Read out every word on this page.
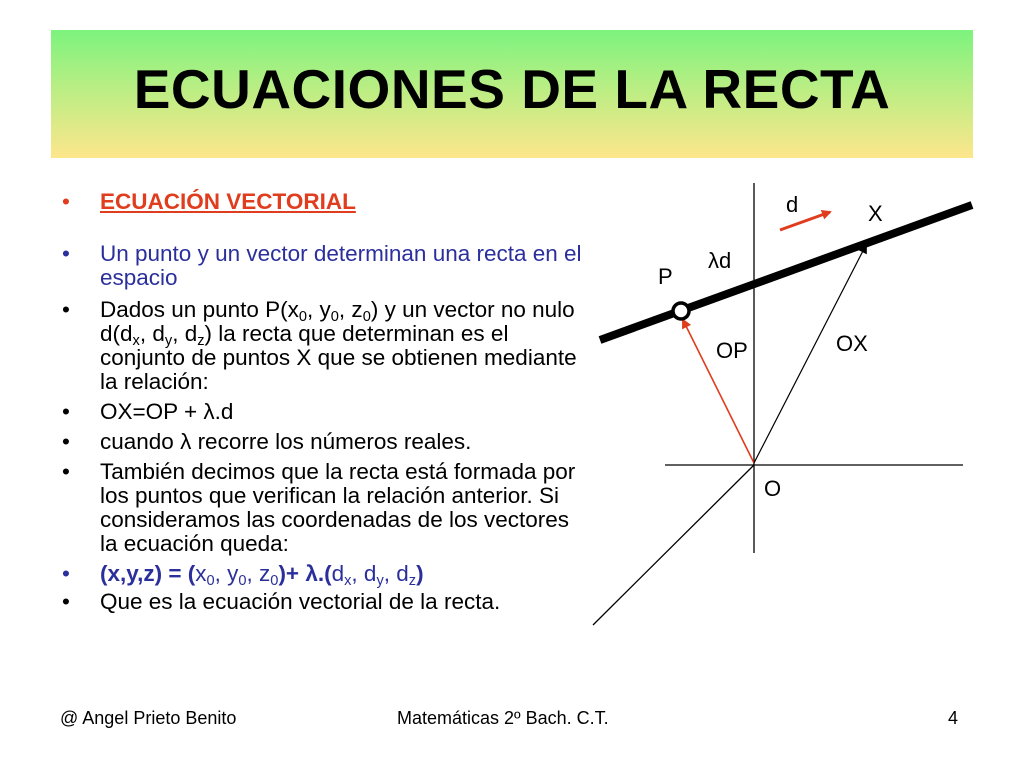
ECUACIONES DE LA RECTA
• ECUACIÓN VECTORIAL
• Un punto y un vector determinan una recta en el espacio
• Dados un punto $P(x_0$, $y_0$, $z_0$) y un vector no nulo $d(d_x$, $d_y$, $d_z$) la recta que determinan es el conjunto de puntos X que se obtienen mediante la relación:
• OX=OP + λ.d
• cuando λ recorre los números reales.
• También decimos que la recta está formada por los puntos que verifican la relación anterior. Si consideramos las coordenadas de los vectores la ecuación queda:
• $(x,y,z) = (x_0$, $y_0$, $z_0)+ \lambda.(d_x$, $d_y$, $d_z$)
• Que es la ecuación vectorial de la recta.
d	X
λd
P
OP	OX
O
@ Angel Prieto Benito	Matemáticas 2º Bach. C.T.	4
